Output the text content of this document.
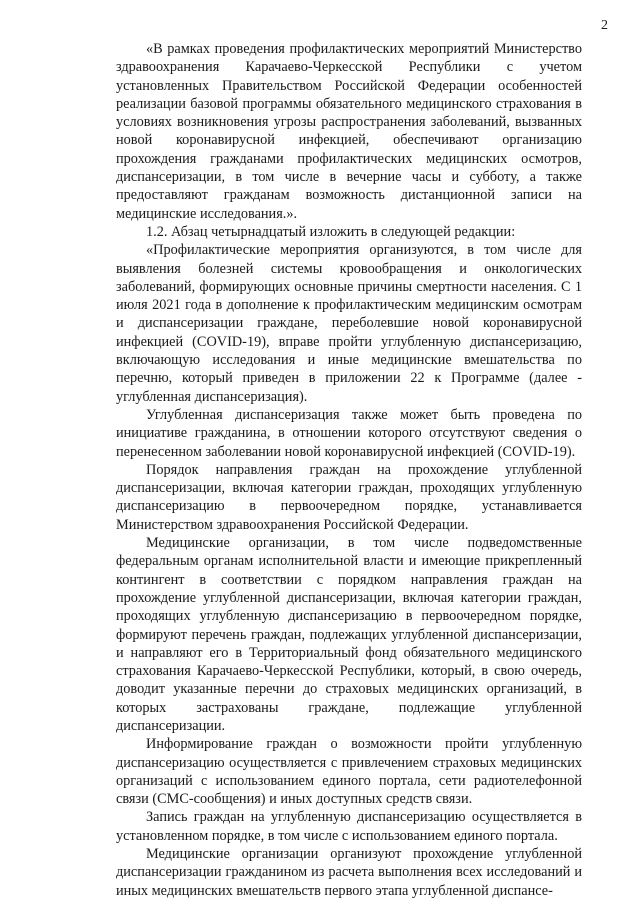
2

«В рамках проведения профилактических мероприятий Министерство здравоохранения Карачаево-Черкесской Республики с учетом установленных Правительством Российской Федерации особенностей реализации базовой программы обязательного медицинского страхования в условиях возникновения угрозы распространения заболеваний, вызванных новой коронавирусной инфекцией, обеспечивают организацию прохождения гражданами профилактических медицинских осмотров, диспансеризации, в том числе в вечерние часы и субботу, а также предоставляют гражданам возможность дистанционной записи на медицинские исследования.».

1.2. Абзац четырнадцатый изложить в следующей редакции:

«Профилактические мероприятия организуются, в том числе для выявления болезней системы кровообращения и онкологических заболеваний, формирующих основные причины смертности населения. С 1 июля 2021 года в дополнение к профилактическим медицинским осмотрам и диспансеризации граждане, переболевшие новой коронавирусной инфекцией (COVID-19), вправе пройти углубленную диспансеризацию, включающую исследования и иные медицинские вмешательства по перечню, который приведен в приложении 22 к Программе (далее - углубленная диспансеризация).

Углубленная диспансеризация также может быть проведена по инициативе гражданина, в отношении которого отсутствуют сведения о перенесенном заболевании новой коронавирусной инфекцией (COVID-19).

Порядок направления граждан на прохождение углубленной диспансеризации, включая категории граждан, проходящих углубленную диспансеризацию в первоочередном порядке, устанавливается Министерством здравоохранения Российской Федерации.

Медицинские организации, в том числе подведомственные федеральным органам исполнительной власти и имеющие прикрепленный контингент в соответствии с порядком направления граждан на прохождение углубленной диспансеризации, включая категории граждан, проходящих углубленную диспансеризацию в первоочередном порядке, формируют перечень граждан, подлежащих углубленной диспансеризации, и направляют его в Территориальный фонд обязательного медицинского страхования Карачаево-Черкесской Республики, который, в свою очередь, доводит указанные перечни до страховых медицинских организаций, в которых застрахованы граждане, подлежащие углубленной диспансеризации.

Информирование граждан о возможности пройти углубленную диспансеризацию осуществляется с привлечением страховых медицинских организаций с использованием единого портала, сети радиотелефонной связи (СМС-сообщения) и иных доступных средств связи.

Запись граждан на углубленную диспансеризацию осуществляется в установленном порядке, в том числе с использованием единого портала.

Медицинские организации организуют прохождение углубленной диспансеризации гражданином из расчета выполнения всех исследований и иных медицинских вмешательств первого этапа углубленной диспансе-
